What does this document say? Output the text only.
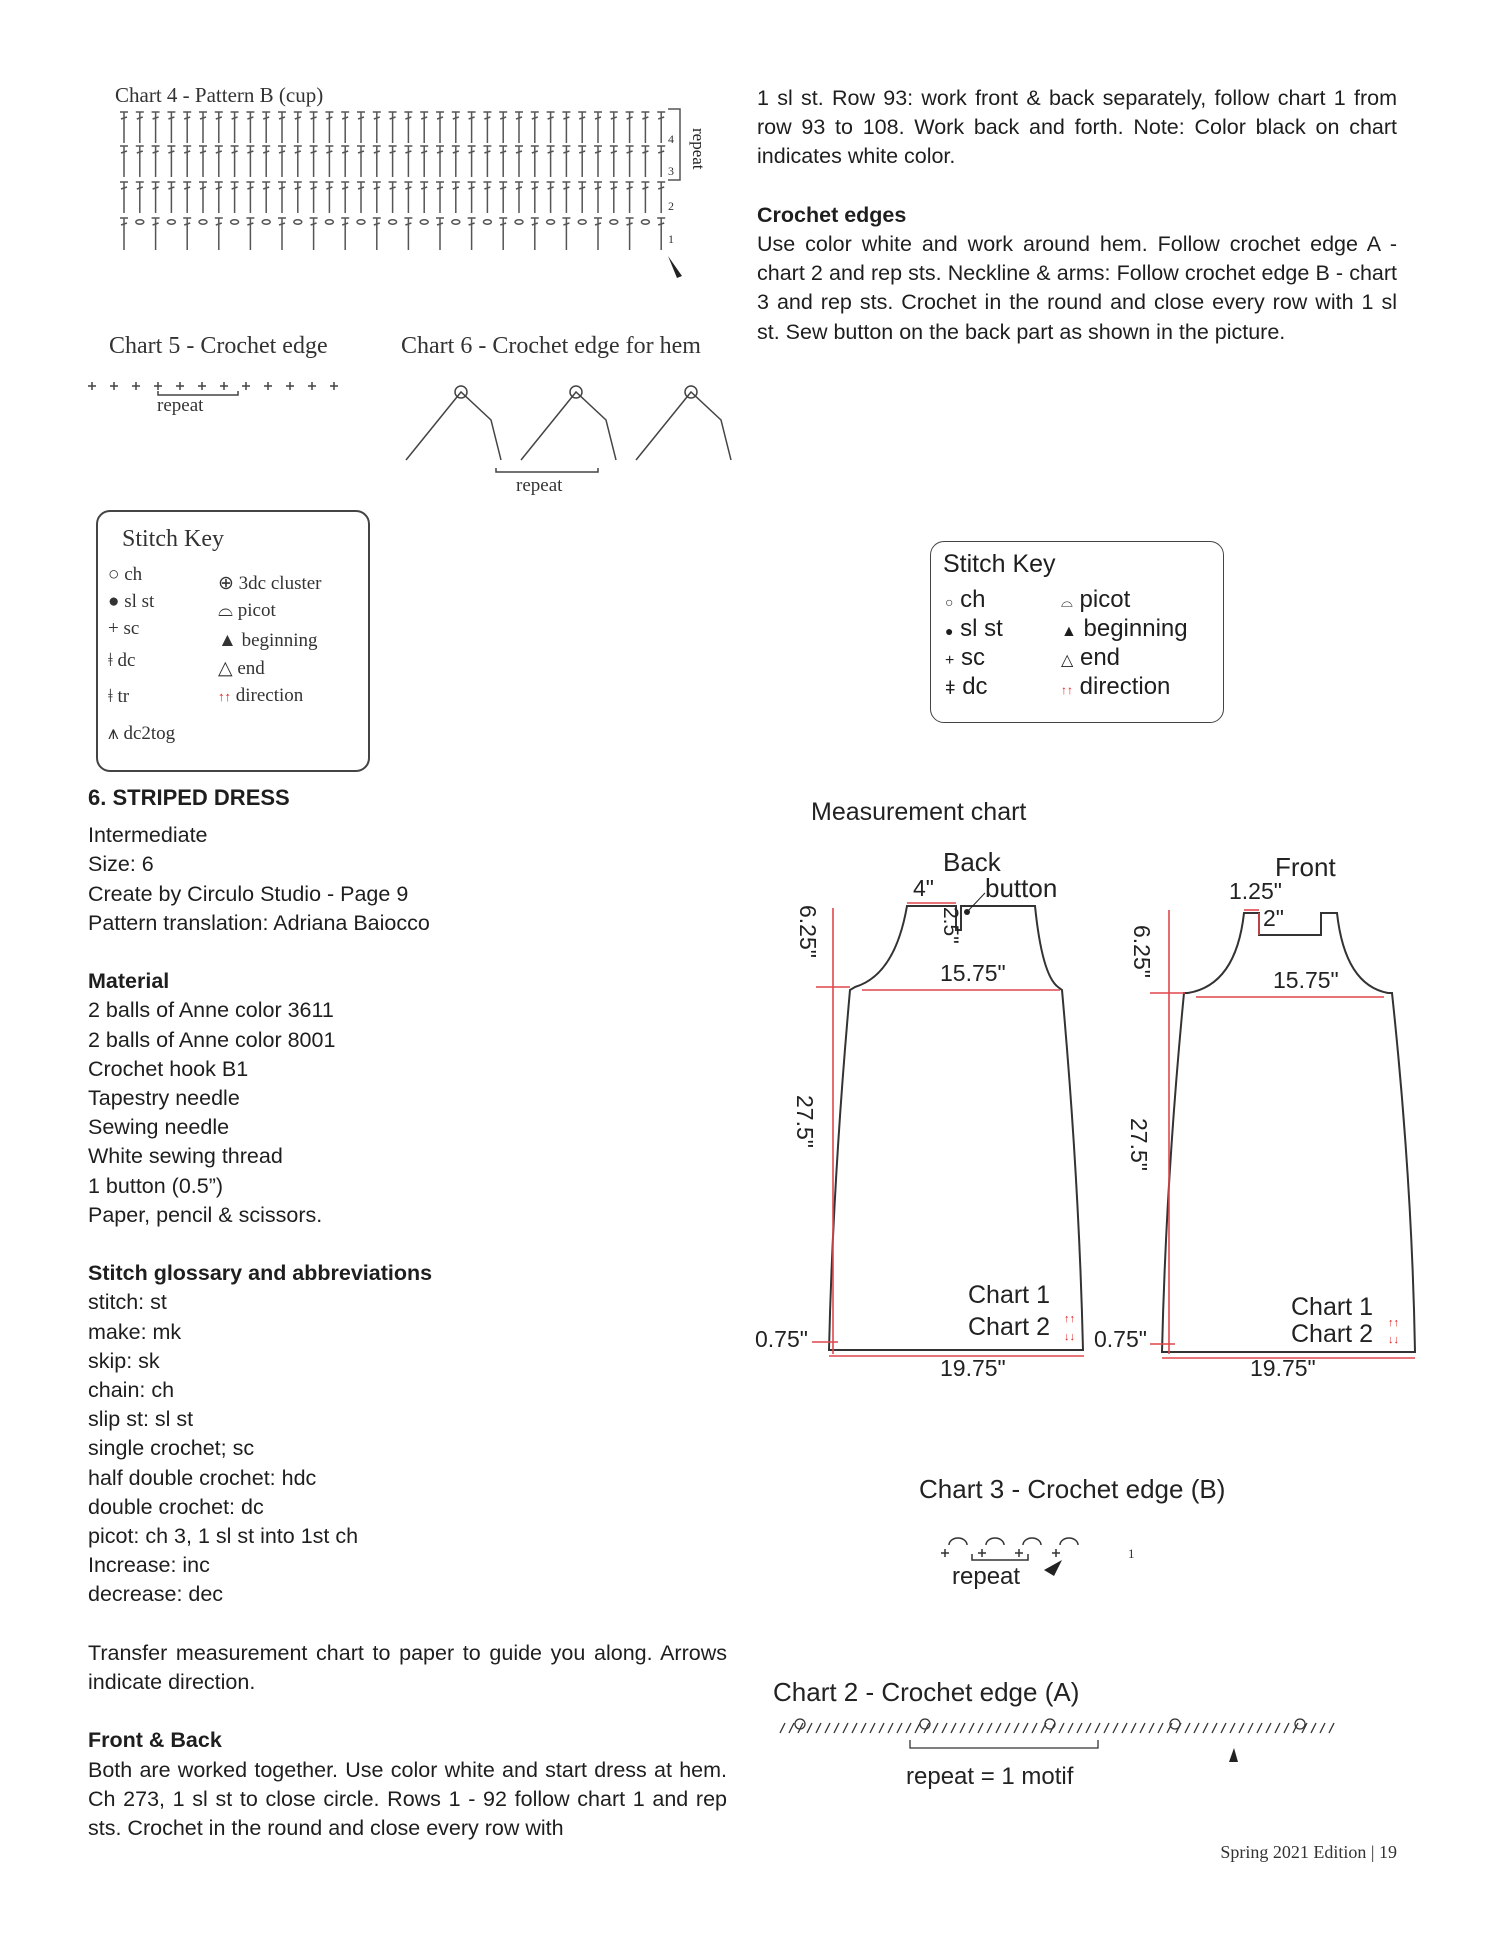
Chart 4 - Pattern B (cup)
repeat
4
3
2
1
Chart 5 - Crochet edge
repeat
Chart 6 - Crochet edge for hem
repeat
↑↑
↓↓
↑↑
↓↓
Stitch Key
○ ch
● sl st
+ sc
ǂ dc
ǂ tr
⩚ dc2tog
⊕ 3dc cluster
⌓ picot
▲ beginning
△ end
↑↑ direction
Stitch Key
○ ch
● sl st
+ sc
ǂ dc
⌓ picot
▲ beginning
△ end
↑↑ direction
6. STRIPED DRESS
Intermediate
Size: 6
Create by Circulo Studio - Page 9
Pattern translation: Adriana Baiocco
Material
2 balls of Anne color 3611
2 balls of Anne color 8001
Crochet hook B1
Tapestry needle
Sewing needle
White sewing thread
1 button (0.5”)
Paper, pencil & scissors.
Stitch glossary and abbreviations
stitch: st
make: mk
skip: sk
chain: ch
slip st: sl st
single crochet; sc
half double crochet: hdc
double crochet: dc
picot: ch 3, 1 sl st into 1st ch
Increase: inc
decrease: dec
Transfer measurement chart to paper to guide you along. Arrows indicate direction.
Front & Back
Both are worked together. Use color white and start dress at hem. Ch 273, 1 sl st to close circle. Rows 1 - 92 follow chart 1 and rep sts. Crochet in the round and close every row with
1 sl st. Row 93: work front & back separately, follow chart 1 from row 93 to 108. Work back and forth. Note: Color black on chart indicates white color.
Crochet edges
Use color white and work around hem. Follow crochet edge A - chart 2 and rep sts. Neckline & arms: Follow crochet edge B - chart 3 and rep sts. Crochet in the round and close every row with 1 sl st. Sew button on the back part as shown in the picture.
Measurement chart
Back
button
4"
2.5"
6.25"
15.75"
27.5"
Chart 1
Chart 2
0.75"
19.75"
Front
1.25"
2"
6.25"
15.75"
27.5"
Chart 1
Chart 2
0.75"
19.75"
Chart 3 - Crochet edge (B)
repeat
1
Chart 2 - Crochet edge (A)
repeat = 1 motif
Spring 2021 Edition | 19
